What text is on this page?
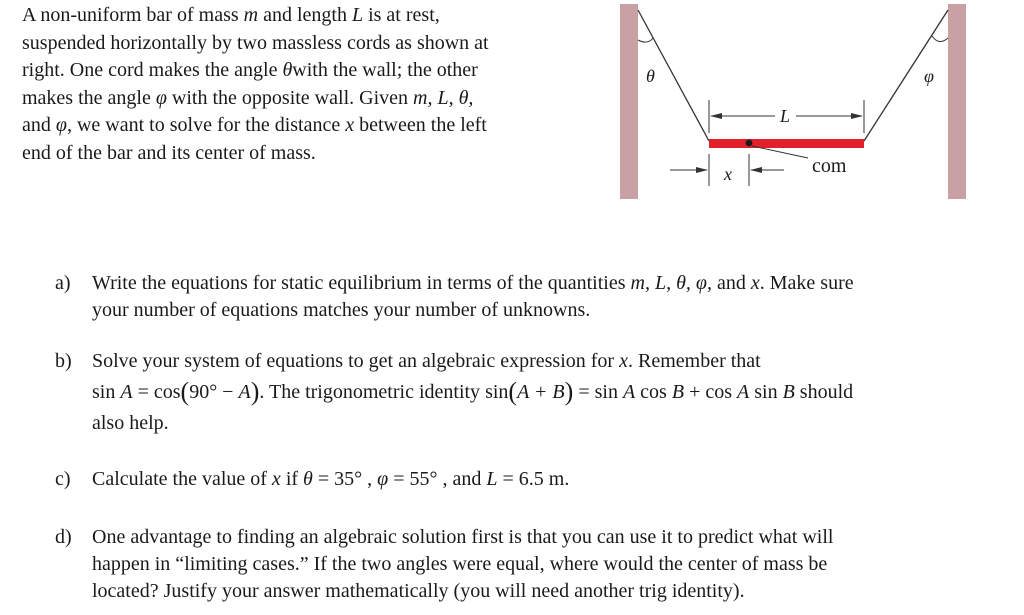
A non-uniform bar of mass m and length L is at rest,
suspended horizontally by two massless cords as shown at
right. One cord makes the angle θwith the wall; the other
makes the angle φ with the opposite wall. Given m, L, θ,
and φ, we want to solve for the distance x between the left
end of the bar and its center of mass.
θ	φ
L
x	com
a) Write the equations for static equilibrium in terms of the quantities m, L, θ, φ, and x. Make sure
your number of equations matches your number of unknowns.
b) Solve your system of equations to get an algebraic expression for x. Remember that
sin A = cos(90° − A). The trigonometric identity sin(A + B) = sin A cos B + cos A sin B should
also help.
c) Calculate the value of x if θ = 35° , φ = 55° , and L = 6.5 m.
d) One advantage to finding an algebraic solution first is that you can use it to predict what will
happen in “limiting cases.” If the two angles were equal, where would the center of mass be
located? Justify your answer mathematically (you will need another trig identity).
